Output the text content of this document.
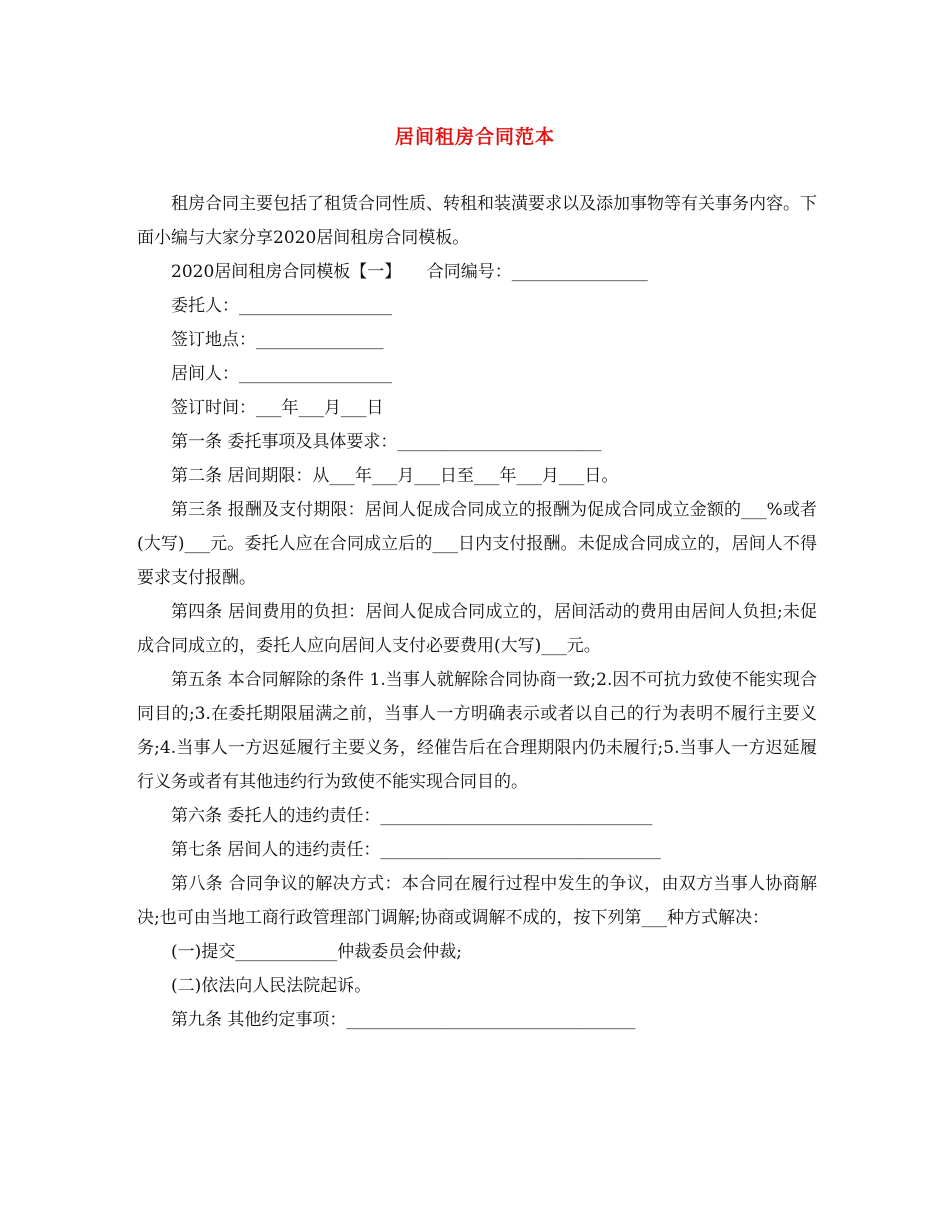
居间租房合同范本

租房合同主要包括了租赁合同性质、转租和装潢要求以及添加事物等有关事务内容。下面小编与大家分享2020居间租房合同模板。

2020居间租房合同模板【一】　　合同编号：________________

委托人：__________________

签订地点：_______________

居间人：__________________

签订时间：___年___月___日

第一条 委托事项及具体要求：________________________

第二条 居间期限：从___年___月___日至___年___月___日。

第三条 报酬及支付期限：居间人促成合同成立的报酬为促成合同成立金额的___%或者(大写)___元。委托人应在合同成立后的___日内支付报酬。未促成合同成立的，居间人不得要求支付报酬。

第四条 居间费用的负担：居间人促成合同成立的，居间活动的费用由居间人负担;未促成合同成立的，委托人应向居间人支付必要费用(大写)___元。

第五条 本合同解除的条件 1.当事人就解除合同协商一致;2.因不可抗力致使不能实现合同目的;3.在委托期限届满之前，当事人一方明确表示或者以自己的行为表明不履行主要义务;4.当事人一方迟延履行主要义务，经催告后在合理期限内仍未履行;5.当事人一方迟延履行义务或者有其他违约行为致使不能实现合同目的。

第六条 委托人的违约责任：________________________________

第七条 居间人的违约责任：_________________________________

第八条 合同争议的解决方式：本合同在履行过程中发生的争议，由双方当事人协商解决;也可由当地工商行政管理部门调解;协商或调解不成的，按下列第___种方式解决：

(一)提交____________仲裁委员会仲裁;

(二)依法向人民法院起诉。

第九条 其他约定事项：__________________________________
